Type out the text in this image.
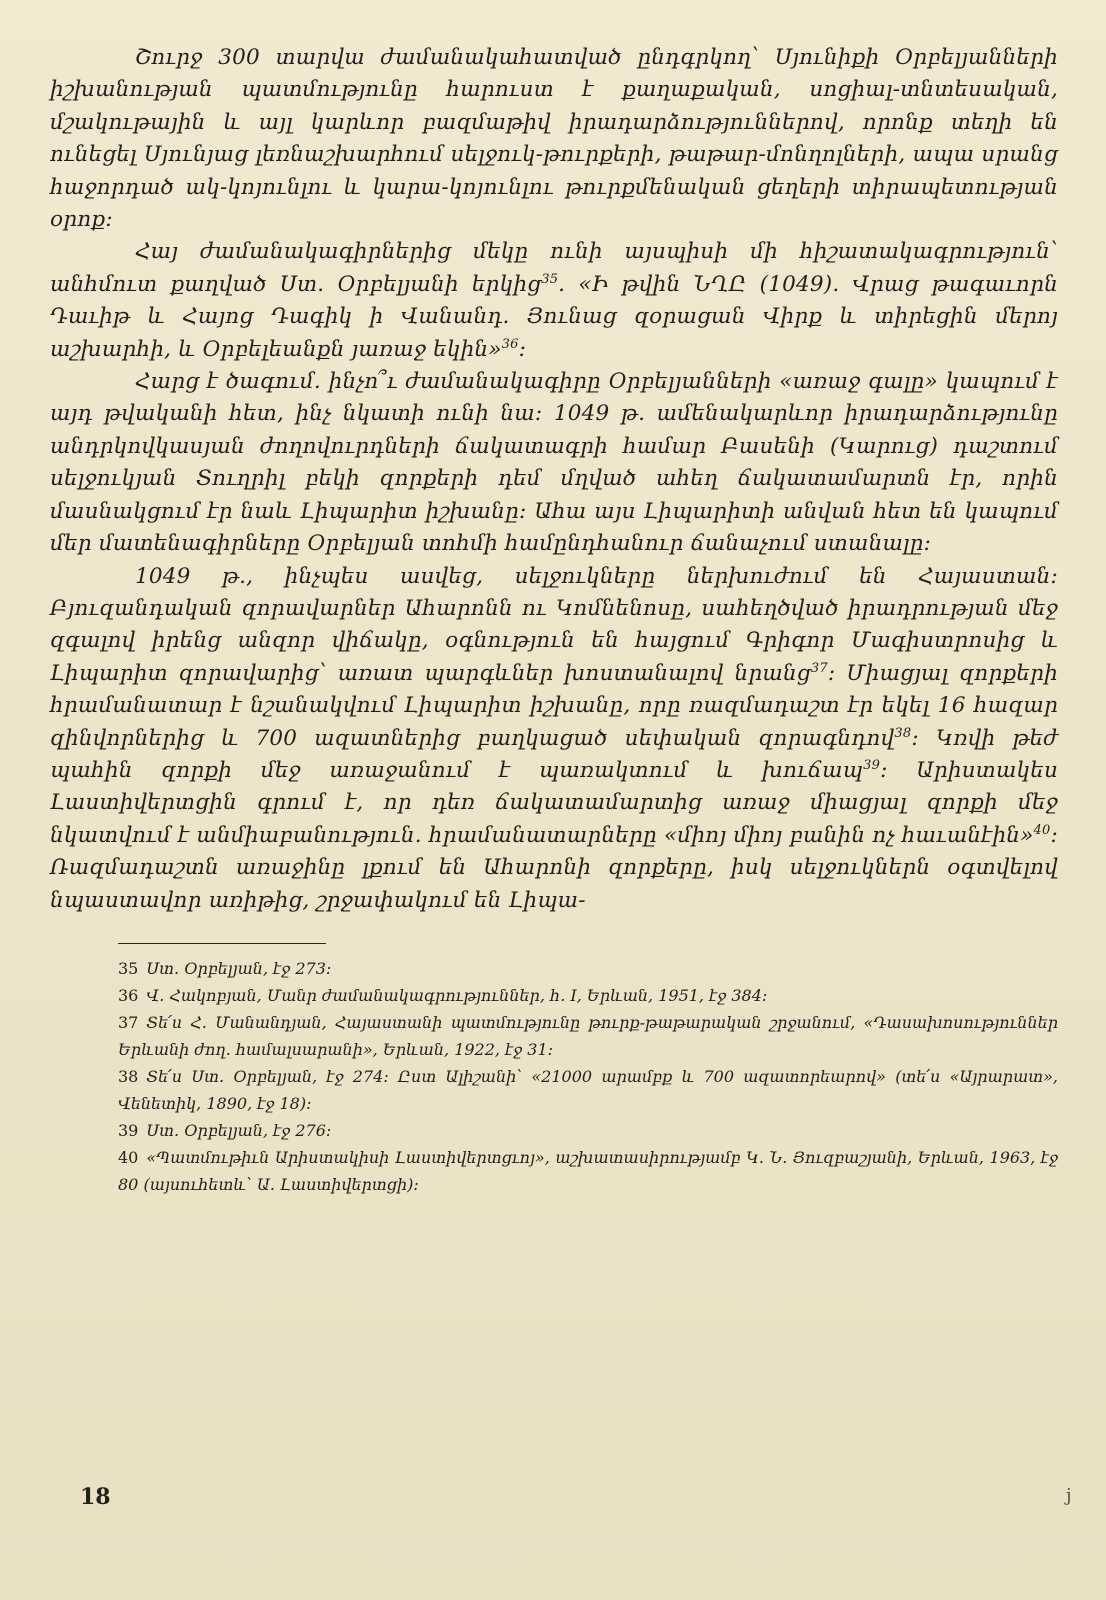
Շուրջ 300 տարվա ժամանակահատված ընդգրկող՝ Սյունիքի Օրբելյանների իշխանության պատմությունը հարուստ է քաղաքական, սոցիալ-տնտեսական, մշակութային և այլ կարևոր բազմաթիվ իրադարձություններով, որոնք տեղի են ունեցել Սյունյաց լեռնաշխարհում սելջուկ-թուրքերի, թաթար-մոնղոլների, ապա սրանց հաջորդած ակ-կոյունլու և կարա-կոյունլու թուրքմենական ցեղերի տիրապետության օրոք։

Հայ ժամանակագիրներից մեկը ունի այսպիսի մի հիշատակագրություն՝ անհմուտ քաղված Ստ. Օրբելյանի երկից$^{35}$. «Ի թվին ՆՂԸ (1049). Վրաց թագաւորն Դաւիթ և Հայոց Դագիկ ի Վանանդ. Յունաց զօրացան Վիրք և տիրեցին մերոյ աշխարհի, և Օրբելեանքն յառաջ եկին»$^{36}$։

Հարց է ծագում. ինչո՞ւ ժամանակագիրը Օրբելյանների «առաջ գալը» կապում է այդ թվականի հետ, ինչ նկատի ունի նա։ 1049 թ. ամենակարևոր իրադարձությունը անդրկովկասյան ժողովուրդների ճակատագրի համար Բասենի (Կարուց) դաշտում սելջուկյան Տուղրիլ բեկի զորքերի դեմ մղված ահեղ ճակատամարտն էր, որին մասնակցում էր նաև Լիպարիտ իշխանը։ Ահա այս Լիպարիտի անվան հետ են կապում մեր մատենագիրները Օրբելյան տոհմի համընդհանուր ճանաչում ստանալը։

1049 թ., ինչպես ասվեց, սելջուկները ներխուժում են Հայաստան։ Բյուզանդական զորավարներ Ահարոնն ու Կոմնենոսը, սահեղծված իրադրության մեջ զգալով իրենց անզոր վիճակը, օգնություն են հայցում Գրիգոր Մագիստրոսից և Լիպարիտ զորավարից՝ առատ պարգևներ խոստանալով նրանց$^{37}$։ Միացյալ զորքերի հրամանատար է նշանակվում Լիպարիտ իշխանը, որը ռազմադաշտ էր եկել 16 հազար զինվորներից և 700 ազատներից բաղկացած սեփական զորագնդով$^{38}$։ Կռվի թեժ պահին զորքի մեջ առաջանում է պառակտում և խուճապ$^{39}$։ Արիստակես Լաստիվերտցին գրում է, որ դեռ ճակատամարտից առաջ միացյալ զորքի մեջ նկատվում է անմիաբանություն. հրամանատարները «միոյ միոյ բանին ոչ հաւանէին»$^{40}$։ Ռազմադաշտն առաջինը լքում են Ահարոնի զորքերը, իսկ սելջուկներն օգտվելով նպաստավոր առիթից, շրջափակում են Լիպա-

35 Ստ. Օրբելյան, էջ 273։

36 Վ. Հակոբյան, Մանր ժամանակագրություններ, հ. I, Երևան, 1951, էջ 384։

37 Տե՛ս Հ. Մանանդյան, Հայաստանի պատմությունը թուրք-թաթարական շրջանում, «Դասախոսություններ Երևանի ժող. համալսարանի», Երևան, 1922, էջ 31։

38 Տե՛ս Ստ. Օրբելյան, էջ 274։ Ըստ Ալիշանի՝ «21000 արամբք և 700 ազատորեարով» (տե՛ս «Այրարատ», Վենետիկ, 1890, էջ 18)։

39 Ստ. Օրբելյան, էջ 276։

40 «Պատմութիւն Արիստակիսի Լաստիվերտցւոյ», աշխատասիրությամբ Կ. Ն. Յուզբաշյանի, Երևան, 1963, էջ 80 (այսուհետև՝ Ա. Լաստիվերտցի)։

18	j
